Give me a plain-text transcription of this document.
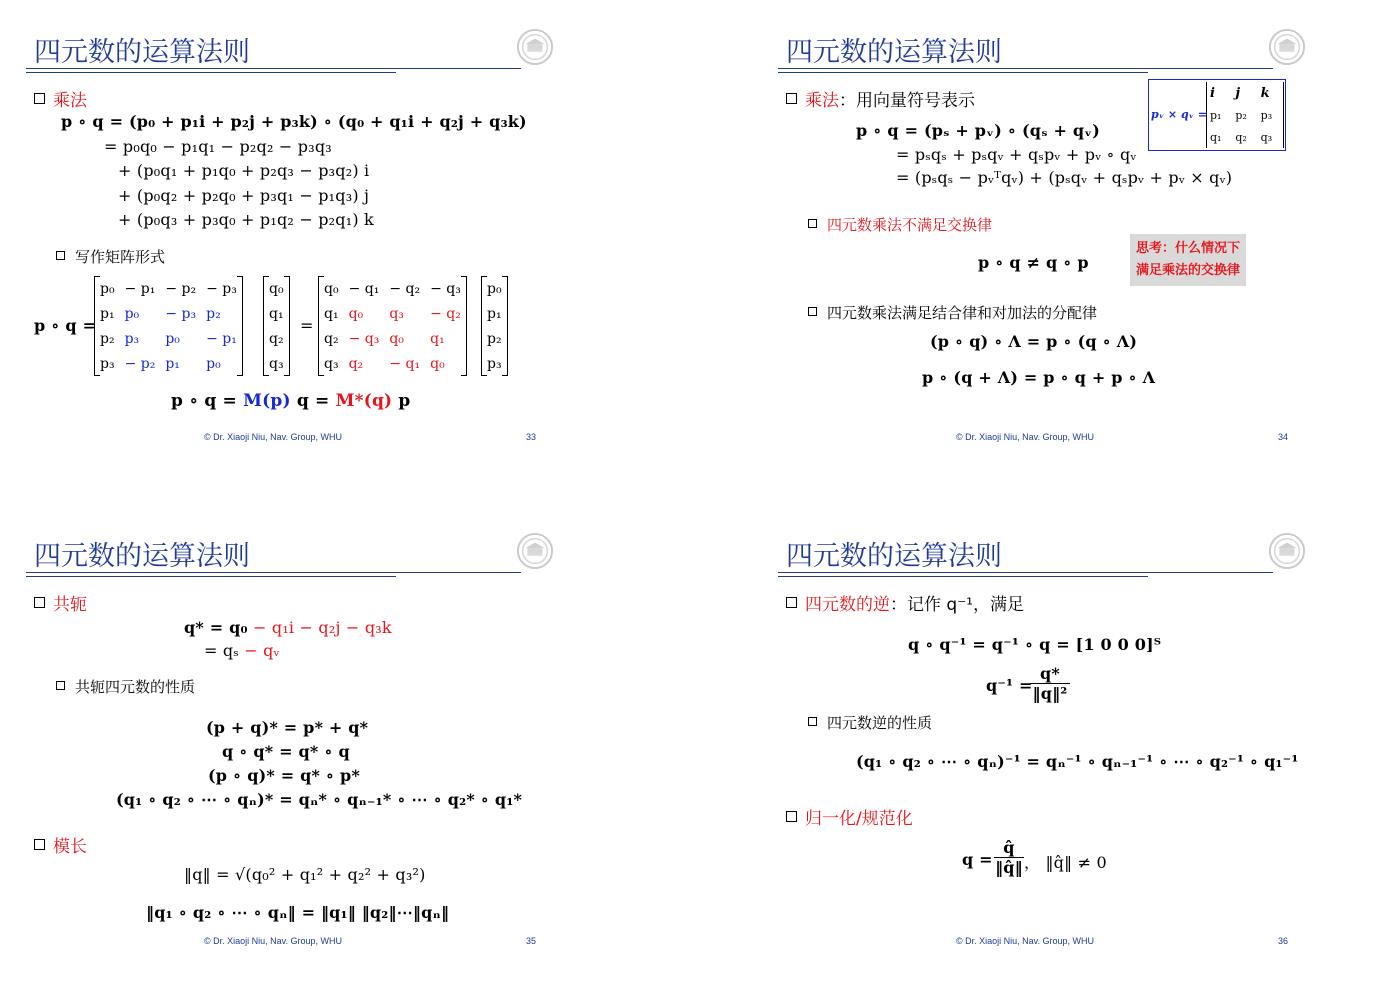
四元数的运算法则
乘法
p ∘ q = (p₀ + p₁i + p₂j + p₃k) ∘ (q₀ + q₁i + q₂j + q₃k)
= p₀q₀ − p₁q₁ − p₂q₂ − p₃q₃
+ (p₀q₁ + p₁q₀ + p₂q₃ − p₃q₂) i
+ (p₀q₂ + p₂q₀ + p₃q₁ − p₁q₃) j
+ (p₀q₃ + p₃q₀ + p₁q₂ − p₂q₁) k
写作矩阵形式
p ∘ q =
p₀	− p₁	− p₂	− p₃
p₁	p₀	− p₃	p₂
p₂	p₃	p₀	− p₁
p₃	− p₂	p₁	p₀

q₀
q₁
q₂
q₃

=
q₀	− q₁	− q₂	− q₃
q₁	q₀	q₃	− q₂
q₂	− q₃	q₀	q₁
q₃	q₂	− q₁	q₀

p₀
p₁
p₂
p₃

p ∘ q = M(p) q = M*(q) p
© Dr. Xiaoji Niu, Nav. Group, WHU	33
四元数的运算法则
乘法：用向量符号表示
pᵥ × qᵥ =
i	j	k
p₁	p₂	p₃
q₁	q₂	q₃
p ∘ q = (pₛ + pᵥ) ∘ (qₛ + qᵥ)
= pₛqₛ + pₛqᵥ + qₛpᵥ + pᵥ ∘ qᵥ
= (pₛqₛ − pᵥᵀqᵥ) + (pₛqᵥ + qₛpᵥ + pᵥ × qᵥ)
四元数乘法不满足交换律
p ∘ q ≠ q ∘ p
思考：什么情况下
满足乘法的交换律
四元数乘法满足结合律和对加法的分配律
(p ∘ q) ∘ Λ = p ∘ (q ∘ Λ)
p ∘ (q + Λ) = p ∘ q + p ∘ Λ
© Dr. Xiaoji Niu, Nav. Group, WHU	34
四元数的运算法则
共轭
q* = q₀ − q₁i − q₂j − q₃k
= qₛ − qᵥ
共轭四元数的性质
(p + q)* = p* + q*
q ∘ q* = q* ∘ q
(p ∘ q)* = q* ∘ p*
(q₁ ∘ q₂ ∘ ⋯ ∘ qₙ)* = qₙ* ∘ qₙ₋₁* ∘ ⋯ ∘ q₂* ∘ q₁*
模长
‖q‖ = √(q₀² + q₁² + q₂² + q₃²)
‖q₁ ∘ q₂ ∘ ⋯ ∘ qₙ‖ = ‖q₁‖ ‖q₂‖⋯‖qₙ‖
© Dr. Xiaoji Niu, Nav. Group, WHU	35
四元数的运算法则
四元数的逆：记作 q⁻¹，满足
q ∘ q⁻¹ = q⁻¹ ∘ q = [1 0 0 0]ᵀ
q⁻¹ =
$\frac{q*}{\text{‖q‖²}}$
四元数逆的性质
(q₁ ∘ q₂ ∘ ⋯ ∘ qₙ)⁻¹ = qₙ⁻¹ ∘ qₙ₋₁⁻¹ ∘ ⋯ ∘ q₂⁻¹ ∘ q₁⁻¹
归一化/规范化
$q = \frac{q̂}{‖q̂‖}$ ， ‖q̂‖ ≠ 0
© Dr. Xiaoji Niu, Nav. Group, WHU	36
